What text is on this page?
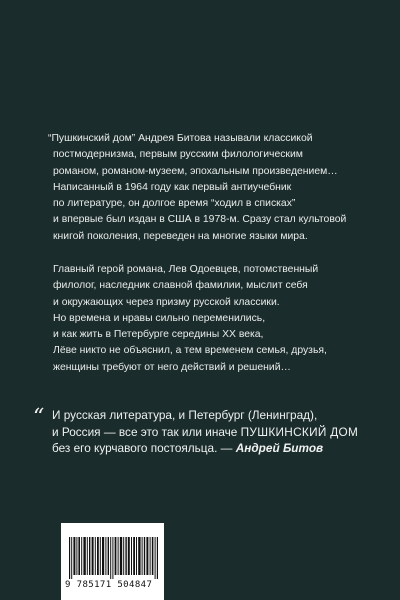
“Пушкинский дом” Андрея Битова называли классикой
постмодернизма, первым русским филологическим
романом, романом-музеем, эпохальным произведением…
Написанный в 1964 году как первый антиучебник
по литературе, он долгое время “ходил в списках”
и впервые был издан в США в 1978-м. Сразу стал культовой
книгой поколения, переведен на многие языки мира.
Главный герой романа, Лев Одоевцев, потомственный
филолог, наследник славной фамилии, мыслит себя
и окружающих через призму русской классики.
Но времена и нравы сильно переменились,
и как жить в Петербурге середины XX века,
Лёве никто не объяснил, а тем временем семья, друзья,
женщины требуют от него действий и решений…
“ И русская литература, и Петербург (Ленинград),
и Россия — все это так или иначе ПУШКИНСКИЙ ДОМ
без его курчавого постояльца. — Андрей Битов
9 785171 504847
